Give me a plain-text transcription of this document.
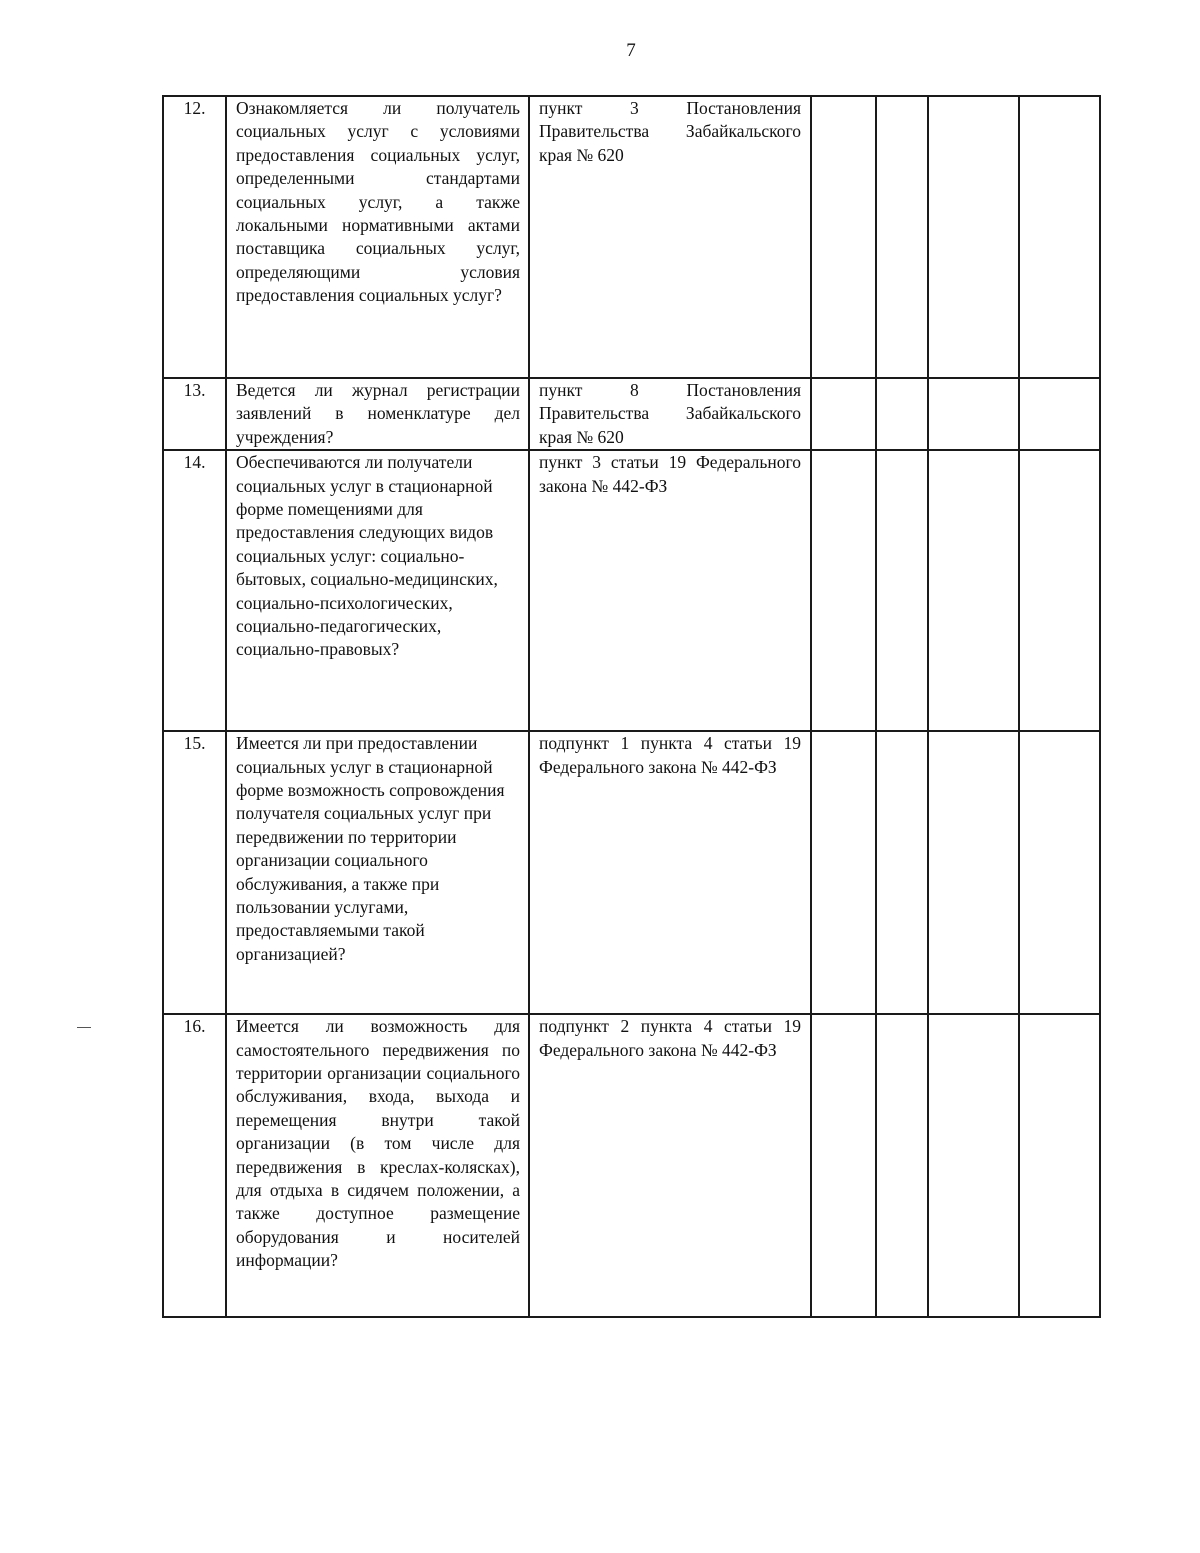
7
12.	Ознакомляется ли получатель социальных услуг с условиями предоставления социальных услуг, определенными стандартами социальных услуг, а также локальными нормативными актами поставщика социальных услуг, определяющими условия предоставления социальных услуг?	пункт 3 Постановления Правительства Забайкальского края № 620				
13.	Ведется ли журнал регистрации заявлений в номенклатуре дел учреждения?	пункт 8 Постановления Правительства Забайкальского края № 620				
14.	Обеспечиваются ли получатели социальных услуг в стационарной форме помещениями для предоставления следующих видов социальных услуг: социально-бытовых, социально-медицинских, социально-психологических, социально-педагогических, социально-правовых?	пункт 3 статьи 19 Федерального закона № 442-ФЗ				
15.	Имеется ли при предоставлении социальных услуг в стационарной форме возможность сопровождения получателя социальных услуг при передвижении по территории организации социального обслуживания, а также при пользовании услугами, предоставляемыми такой организацией?	подпункт 1 пункта 4 статьи 19 Федерального закона № 442-ФЗ				
16.	Имеется ли возможность для самостоятельного передвижения по территории организации социального обслуживания, входа, выхода и перемещения внутри такой организации (в том числе для передвижения в креслах-колясках), для отдыха в сидячем положении, а также доступное размещение оборудования и носителей информации?	подпункт 2 пункта 4 статьи 19 Федерального закона № 442-ФЗ				
